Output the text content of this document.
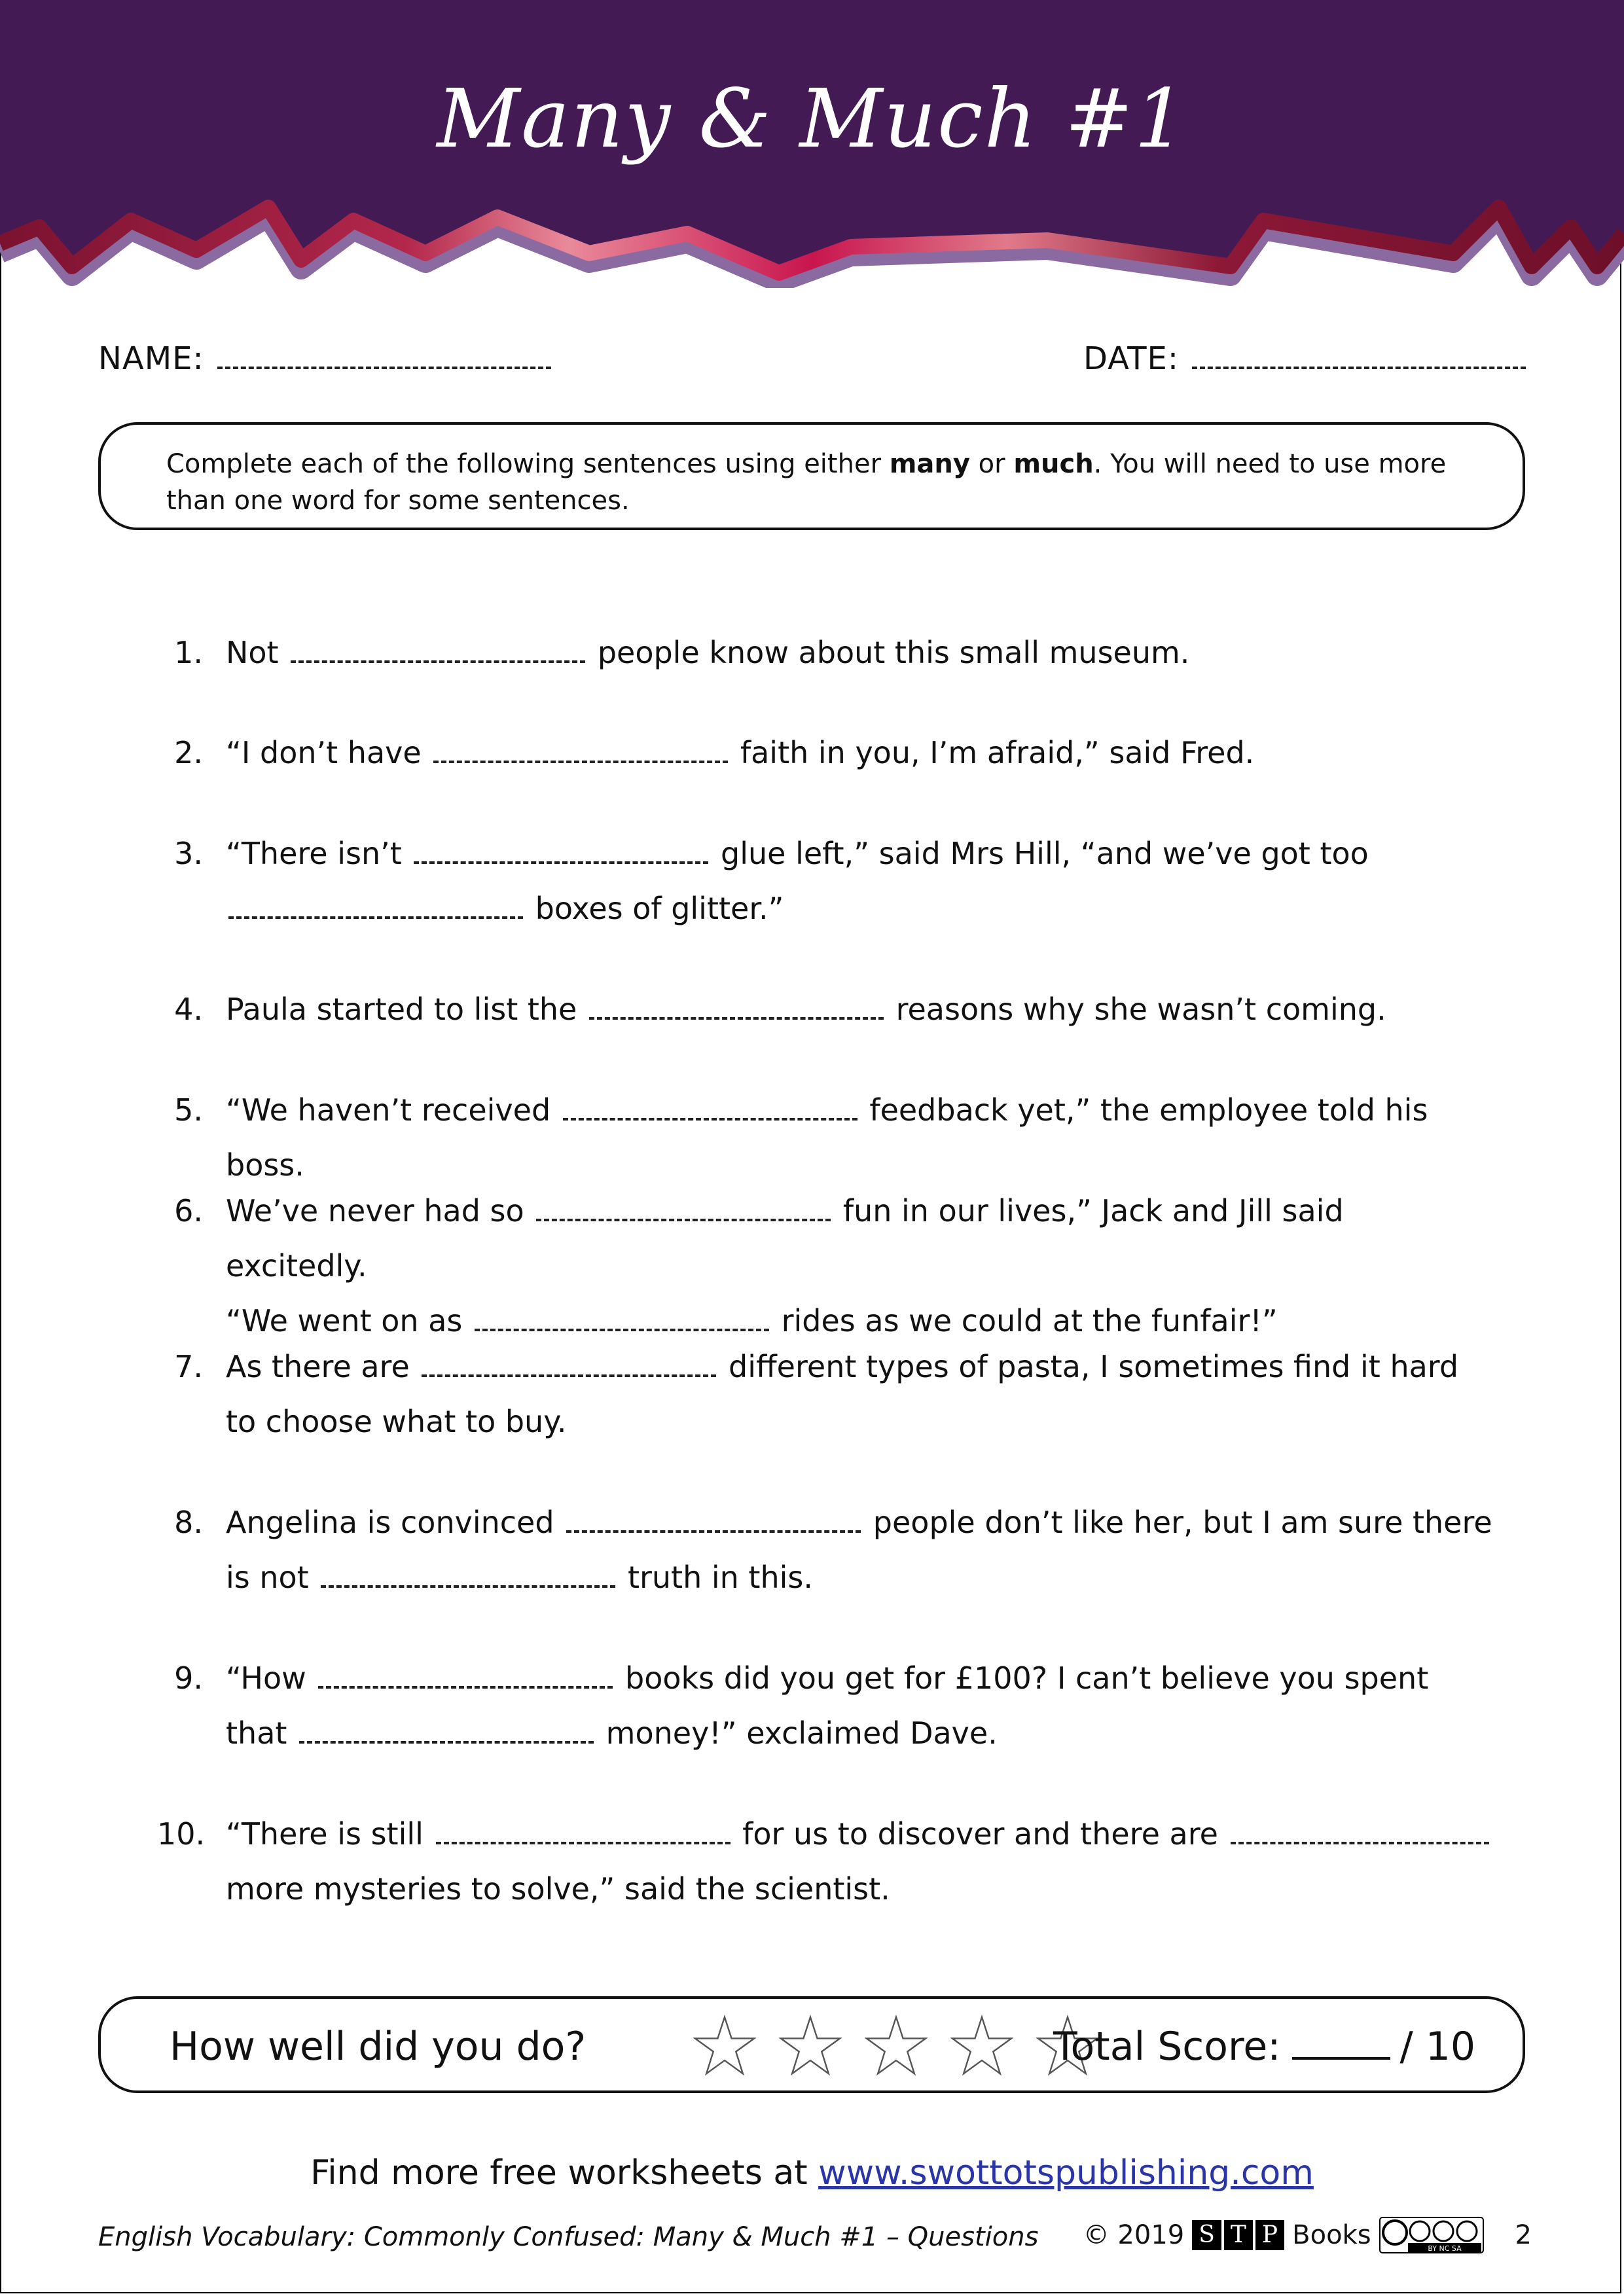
Many & Much #1
NAME:	DATE:
Complete each of the following sentences using either many or much. You will need to use more than one word for some sentences.
1. Not	people know about this small museum.
2. “I don’t have	faith in you, I’m afraid,” said Fred.
3. “There isn’t	glue left,” said Mrs Hill, “and we’ve got too
boxes of glitter.”
4. Paula started to list the	reasons why she wasn’t coming.
5. “We haven’t received	feedback yet,” the employee told his boss.
6. We’ve never had so	fun in our lives,” Jack and Jill said excitedly.
“We went on as	rides as we could at the funfair!”
7. As there are	different types of pasta, I sometimes find it hard
to choose what to buy.
8. Angelina is convinced	people don’t like her, but I am sure there
is not	truth in this.
9. “How	books did you get for £100? I can’t believe you spent
that	money!” exclaimed Dave.
10. “There is still	for us to discover and there are
more mysteries to solve,” said the scientist.
How well did you do?	Total Score:	/ 10
Find more free worksheets at www.swottotspublishing.com
English Vocabulary: Commonly Confused: Many & Much #1 – Questions © 2019 S T P Books	BY NC SA 2
